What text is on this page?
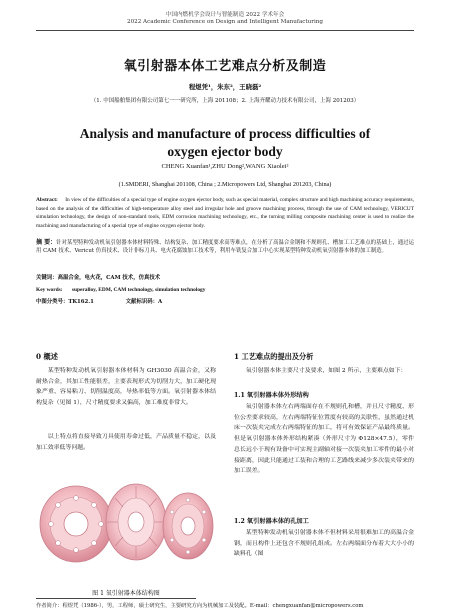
中国内燃机学会设计与智能制造 2022 学术年会
2022 Academic Conference on Design and Intelligent Manufacturing
氧引射器本体工艺难点分析及制造
程煜凭¹，朱东²，王晓磊²
（1. 中国船舶集团有限公司第七一一研究所，上海 201108；2. 上海齐耀动力技术有限公司，上海 201203）
Analysis and manufacture of process difficulties of
oxygen ejector body
CHENG Xuanfan¹,ZHU Dong²,WANG Xiaolei²
(1.SMDERI, Shanghai 201108, China ; 2.Micropowers Ltd, Shanghai 201203, China)
Abstract: In view of the difficulties of a special type of engine oxygen ejector body, such as special material, complex structure and high machining accuracy requirements, based on the analysis of the difficulties of high-temperature alloy steel and irregular hole and groove machining process, through the use of CAM technology, VERICUT simulation technology, the design of non-standard tools, EDM corrosion machining technology, etc., the turning milling composite machining center is used to realize the machining and manufacturing of a special type of engine oxygen ejector body.
摘 要：针对某型特种发动机氧引射器本体材料特殊、结构复杂、加工精度要求高等难点，在分析了高温合金钢和不规则孔、槽加工工艺难点的基础上，通过运用 CAM 技术、Vericut 仿真技术、设计非标刀具、电火花腐蚀加工技术等，利用车铣复合加工中心实现某型特种发动机氧引射器本体的加工制造。
关键词：高温合金，电火花，CAM 技术，仿真技术
Key words: superalloy, EDM, CAM technology, simulation technology
中图分类号：TK162.1	文献标识码：A
0 概述
某型特种发动机氧引射器本体材料为 GH3030 高温合金，又称耐热合金，其加工性能很差，主要表现形式为切削力大，加工硬化现象严重、容易粘刀、切削温度高，导热率低等方面。氧引射器本体结构复杂（见图 1），尺寸精度要求又偏高，加工难度非常大。
以上特点将直接导致刀具使用寿命过低，产品质量不稳定，以及加工效率低等问题。
图 1 氧引射器本体结构图
1 工艺难点的提出及分析
氧引射器本体主要尺寸及要求，如图 2 所示，主要难点如下：
1.1 氧引射器本体外形结构
氧引射器本体左右两端面存在不规则孔和槽，并且尺寸精度、形位公差要求较高，左右两端特征位置度有较高的关联性，虽然通过机床一次装夹完成左右两端特征的加工，将可有效保证产品最终质量。但是氧引射器本体外形结构紧凑（外形尺寸为 Φ128×47.5），零件总长远小于现有设备中可实现主副轴对接一次装夹加工零件的最小对接距离，因此只能通过工装和合理的工艺路线来减少多次装夹带来的加工误差。
1.2 氧引射器本体的孔加工
某型特种发动机氧引射器本体不但材料采用很难加工的高温合金钢，而且构件上还包含不规则孔组成。左右两端面分布着大大小小的缺料孔（图
作者简介：程煜凭（1986-），男，工程师，硕士研究生，主要研究方向为机械加工及装配。E-mail：chengxuanfan@micropowers.com
